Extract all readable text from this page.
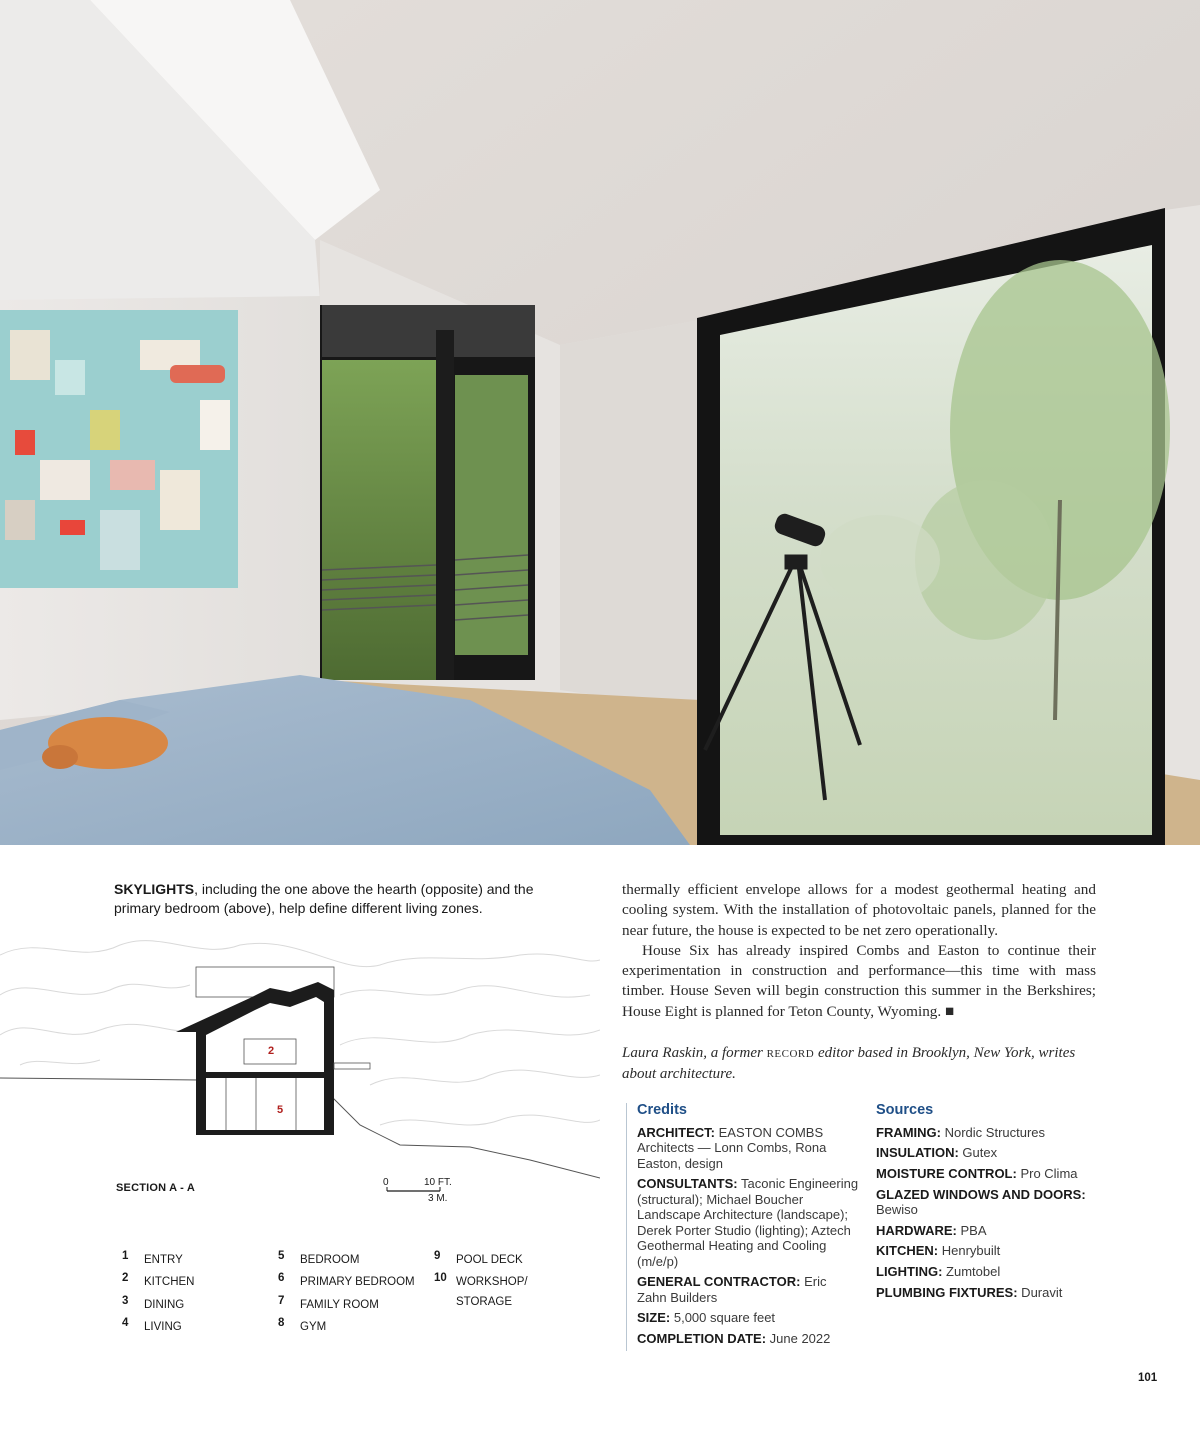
SKYLIGHTS, including the one above the hearth (opposite) and the primary bedroom (above), help define different living zones.
2
5
0	10 FT.
3 M.
SECTION A - A
1	ENTRY
2	KITCHEN
3	DINING
4	LIVING
5	BEDROOM
6	PRIMARY BEDROOM
7	FAMILY ROOM
8	GYM
9	POOL DECK
10 WORKSHOP/ STORAGE

thermally efficient envelope allows for a modest geothermal heating and cooling system. With the installation of photovoltaic panels, planned for the near future, the house is expected to be net zero operationally.

House Six has already inspired Combs and Easton to continue their experimentation in construction and performance—this time with mass timber. House Seven will begin construction this summer in the Berkshires; House Eight is planned for Teton County, Wyoming. ■

Laura Raskin, a former record editor based in Brooklyn, New York, writes about architecture.
Credits
ARCHITECT: EASTON COMBS Architects — Lonn Combs, Rona Easton, design
CONSULTANTS: Taconic Engineering (structural); Michael Boucher Landscape Architecture (landscape); Derek Porter Studio (lighting); Aztech Geothermal Heating and Cooling (m/e/p)
GENERAL CONTRACTOR: Eric Zahn Builders
SIZE: 5,000 square feet
COMPLETION DATE: June 2022
Sources
FRAMING: Nordic Structures
INSULATION: Gutex
MOISTURE CONTROL: Pro Clima
GLAZED WINDOWS AND DOORS: Bewiso
HARDWARE: PBA
KITCHEN: Henrybuilt
LIGHTING: Zumtobel
PLUMBING FIXTURES: Duravit
101
